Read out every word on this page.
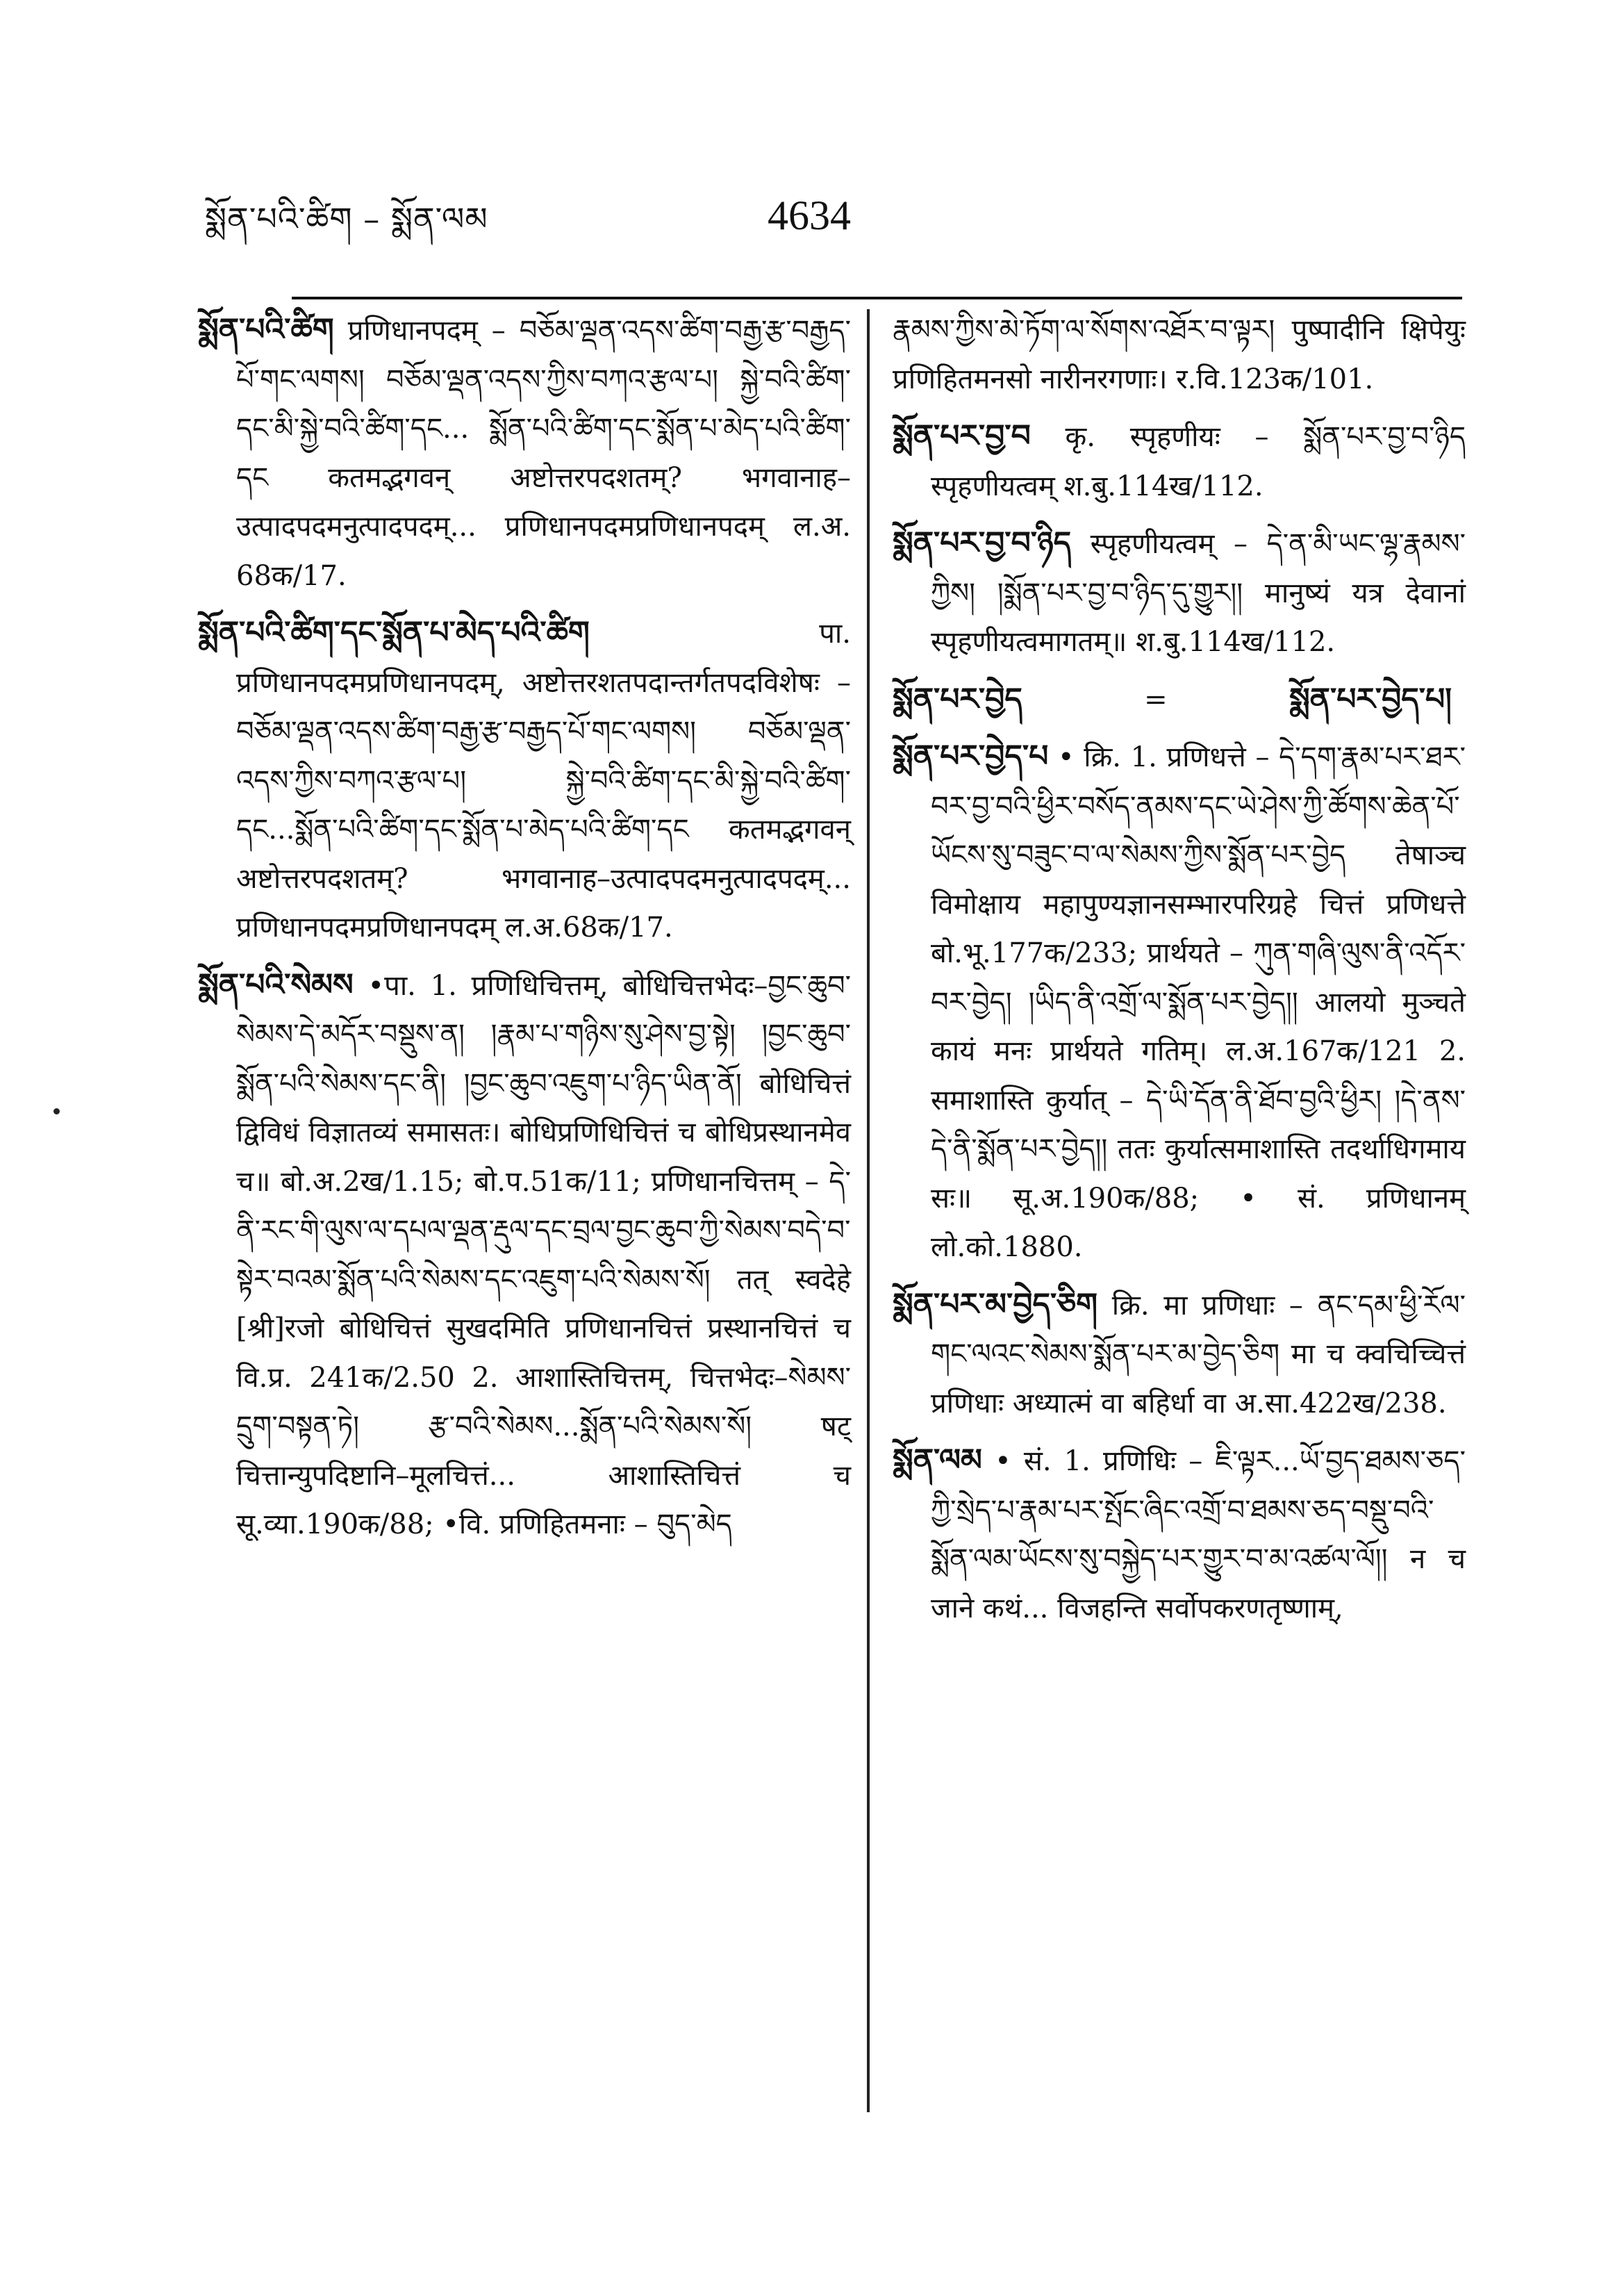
སྨོན་པའི་ཚིག – སྨོན་ལམ	4634

སྨོན་པའི་ཚིག प्रणिधानपदम् – བཅོམ་ལྡན་འདས་ཚིག་བརྒྱ་རྩ་བརྒྱད་པོ་གང་ལགས། བཅོམ་ལྡན་འདས་ཀྱིས་བཀའ་རྩལ་པ། སྐྱེ་བའི་ཚིག་དང་མི་སྐྱེ་བའི་ཚིག་དང... སྨོན་པའི་ཚིག་དང་སྨོན་པ་མེད་པའི་ཚིག་དང कतमद्भगवन् अष्टोत्तरपदशतम्? भगवानाह–उत्पादपदमनुत्पादपदम्... प्रणिधानपदमप्रणिधानपदम् ल.अ. 68क/17.

སྨོན་པའི་ཚིག་དང་སྨོན་པ་མེད་པའི་ཚིག पा. प्रणिधानपदमप्रणिधानपदम्, अष्टोत्तरशतपदान्तर्गतपदविशेषः – བཅོམ་ལྡན་འདས་ཚིག་བརྒྱ་རྩ་བརྒྱད་པོ་གང་ལགས། བཅོམ་ལྡན་འདས་ཀྱིས་བཀའ་རྩལ་པ། སྐྱེ་བའི་ཚིག་དང་མི་སྐྱེ་བའི་ཚིག་དང...སྨོན་པའི་ཚིག་དང་སྨོན་པ་མེད་པའི་ཚིག་དང कतमद्भगवन् अष्टोत्तरपदशतम्? भगवानाह–उत्पादपदमनुत्पादपदम्... प्रणिधानपदमप्रणिधानपदम् ल.अ.68क/17.

སྨོན་པའི་སེམས •पा. 1. प्रणिधिचित्तम्, बोधिचित्तभेदः–བྱང་ཆུབ་སེམས་དེ་མདོར་བསྡུས་ན། །རྣམ་པ་གཉིས་སུ་ཤེས་བྱ་སྟེ། །བྱང་ཆུབ་སྨོན་པའི་སེམས་དང་ནི། །བྱང་ཆུབ་འཇུག་པ་ཉིད་ཡིན་ནོ། बोधिचित्तं द्विविधं विज्ञातव्यं समासतः। बोधिप्रणिधिचित्तं च बोधिप्रस्थानमेव च॥ बो.अ.2ख/1.15; बो.प.51क/11; प्रणिधानचित्तम् – དེ་ནི་རང་གི་ལུས་ལ་དཔལ་ལྡན་རྡུལ་དང་བྲལ་བྱང་ཆུབ་ཀྱི་སེམས་བདེ་བ་སྟེར་བའམ་སྨོན་པའི་སེམས་དང་འཇུག་པའི་སེམས་སོ། तत् स्वदेहे [श्री]रजो बोधिचित्तं सुखदमिति प्रणिधानचित्तं प्रस्थानचित्तं च वि.प्र. 241क/2.50 2. आशास्तिचित्तम्, चित्तभेदः–སེམས་དྲུག་བསྟན་ཏེ། རྩ་བའི་སེམས...སྨོན་པའི་སེམས་སོ། षट् चित्तान्युपदिष्टानि–मूलचित्तं... आशास्तिचित्तं च सू.व्या.190क/88; •वि. प्रणिहितमनाः – བུད་མེད

རྣམས་ཀྱིས་མེ་ཏོག་ལ་སོགས་འཐོར་བ་ལྟར། पुष्पादीनि क्षिपेयुः प्रणिहितमनसो नारीनरगणाः। र.वि.123क/101.

སྨོན་པར་བྱ་བ कृ. स्पृहणीयः – སྨོན་པར་བྱ་བ་ཉིད स्पृहणीयत्वम् श.बु.114ख/112.

སྨོན་པར་བྱ་བ་ཉིད स्पृहणीयत्वम् – དེ་ན་མི་ཡང་ལྷ་རྣམས་ཀྱིས། །སྨོན་པར་བྱ་བ་ཉིད་དུ་གྱུར།། मानुष्यं यत्र देवानां स्पृहणीयत्वमागतम्॥ श.बु.114ख/112.

སྨོན་པར་བྱེད	=	སྨོན་པར་བྱེད་པ།

སྨོན་པར་བྱེད་པ • क्रि. 1. प्रणिधत्ते – དེ་དག་རྣམ་པར་ཐར་བར་བྱ་བའི་ཕྱིར་བསོད་ནམས་དང་ཡེ་ཤེས་ཀྱི་ཚོགས་ཆེན་པོ་ཡོངས་སུ་བཟུང་བ་ལ་སེམས་ཀྱིས་སྨོན་པར་བྱེད तेषाञ्च विमोक्षाय महापुण्यज्ञानसम्भारपरिग्रहे चित्तं प्रणिधत्ते बो.भू.177क/233; प्रार्थयते – ཀུན་གཞི་ལུས་ནི་འདོར་བར་བྱེད། །ཡིད་ནི་འགྲོ་ལ་སྨོན་པར་བྱེད།། आलयो मुञ्चते कायं मनः प्रार्थयते गतिम्। ल.अ.167क/121 2. समाशास्ति कुर्यात् – དེ་ཡི་དོན་ནི་ཐོབ་བྱའི་ཕྱིར། །དེ་ནས་དེ་ནི་སྨོན་པར་བྱེད།། ततः कुर्यात्समाशास्ति तदर्थाधिगमाय सः॥ सू.अ.190क/88; • सं. प्रणिधानम् लो.को.1880.

སྨོན་པར་མ་བྱེད་ཅིག क्रि. मा प्रणिधाः – ནང་དམ་ཕྱི་རོལ་གང་ལའང་སེམས་སྨོན་པར་མ་བྱེད་ཅིག मा च क्वचिच्चित्तं प्रणिधाः अध्यात्मं वा बहिर्धा वा अ.सा.422ख/238.

སྨོན་ལམ • सं. 1. प्रणिधिः – ཇི་ལྟར...ཡོ་བྱད་ཐམས་ཅད་ཀྱི་སྲེད་པ་རྣམ་པར་སྤོང་ཞིང་འགྲོ་བ་ཐམས་ཅད་བསྡུ་བའི་སྨོན་ལམ་ཡོངས་སུ་བསྐྱེད་པར་གྱུར་བ་མ་འཚལ་ལོ།། न च जाने कथं... विजहन्ति सर्वोपकरणतृष्णाम्,
